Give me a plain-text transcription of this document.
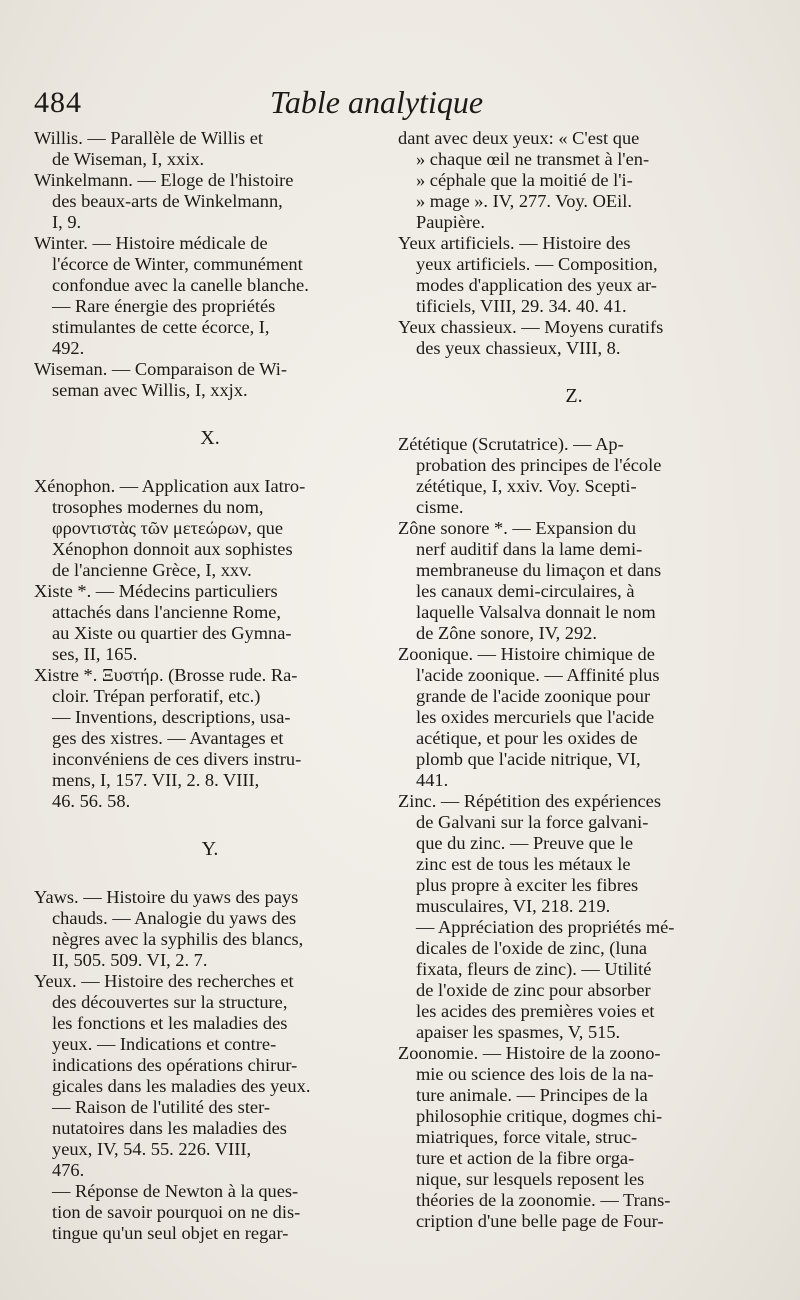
484	Table analytique
Willis. — Parallèle de Willis et
de Wiseman, I, xxix.
Winkelmann. — Eloge de l'histoire
des beaux-arts de Winkelmann,
I, 9.
Winter. — Histoire médicale de
l'écorce de Winter, communément
confondue avec la canelle blanche.
— Rare énergie des propriétés
stimulantes de cette écorce, I,
492.
Wiseman. — Comparaison de Wi-
seman avec Willis, I, xxjx.
X.
Xénophon. — Application aux Iatro-
trosophes modernes du nom,
φροντιστὰς τῶν μετεώρων, que
Xénophon donnoit aux sophistes
de l'ancienne Grèce, I, xxv.
Xiste *. — Médecins particuliers
attachés dans l'ancienne Rome,
au Xiste ou quartier des Gymna-
ses, II, 165.
Xistre *. Ξυστήρ. (Brosse rude. Ra-
cloir. Trépan perforatif, etc.)
— Inventions, descriptions, usa-
ges des xistres. — Avantages et
inconvéniens de ces divers instru-
mens, I, 157. VII, 2. 8. VIII,
46. 56. 58.
Y.
Yaws. — Histoire du yaws des pays
chauds. — Analogie du yaws des
nègres avec la syphilis des blancs,
II, 505. 509. VI, 2. 7.
Yeux. — Histoire des recherches et
des découvertes sur la structure,
les fonctions et les maladies des
yeux. — Indications et contre-
indications des opérations chirur-
gicales dans les maladies des yeux.
— Raison de l'utilité des ster-
nutatoires dans les maladies des
yeux, IV, 54. 55. 226. VIII,
476.
— Réponse de Newton à la ques-
tion de savoir pourquoi on ne dis-
tingue qu'un seul objet en regar-
dant avec deux yeux: « C'est que
» chaque œil ne transmet à l'en-
» céphale que la moitié de l'i-
» mage ». IV, 277. Voy. OEil.
Paupière.
Yeux artificiels. — Histoire des
yeux artificiels. — Composition,
modes d'application des yeux ar-
tificiels, VIII, 29. 34. 40. 41.
Yeux chassieux. — Moyens curatifs
des yeux chassieux, VIII, 8.
Z.
Zététique (Scrutatrice). — Ap-
probation des principes de l'école
zététique, I, xxiv. Voy. Scepti-
cisme.
Zône sonore *. — Expansion du
nerf auditif dans la lame demi-
membraneuse du limaçon et dans
les canaux demi-circulaires, à
laquelle Valsalva donnait le nom
de Zône sonore, IV, 292.
Zoonique. — Histoire chimique de
l'acide zoonique. — Affinité plus
grande de l'acide zoonique pour
les oxides mercuriels que l'acide
acétique, et pour les oxides de
plomb que l'acide nitrique, VI,
441.
Zinc. — Répétition des expériences
de Galvani sur la force galvani-
que du zinc. — Preuve que le
zinc est de tous les métaux le
plus propre à exciter les fibres
musculaires, VI, 218. 219.
— Appréciation des propriétés mé-
dicales de l'oxide de zinc, (luna
fixata, fleurs de zinc). — Utilité
de l'oxide de zinc pour absorber
les acides des premières voies et
apaiser les spasmes, V, 515.
Zoonomie. — Histoire de la zoono-
mie ou science des lois de la na-
ture animale. — Principes de la
philosophie critique, dogmes chi-
miatriques, force vitale, struc-
ture et action de la fibre orga-
nique, sur lesquels reposent les
théories de la zoonomie. — Trans-
cription d'une belle page de Four-
